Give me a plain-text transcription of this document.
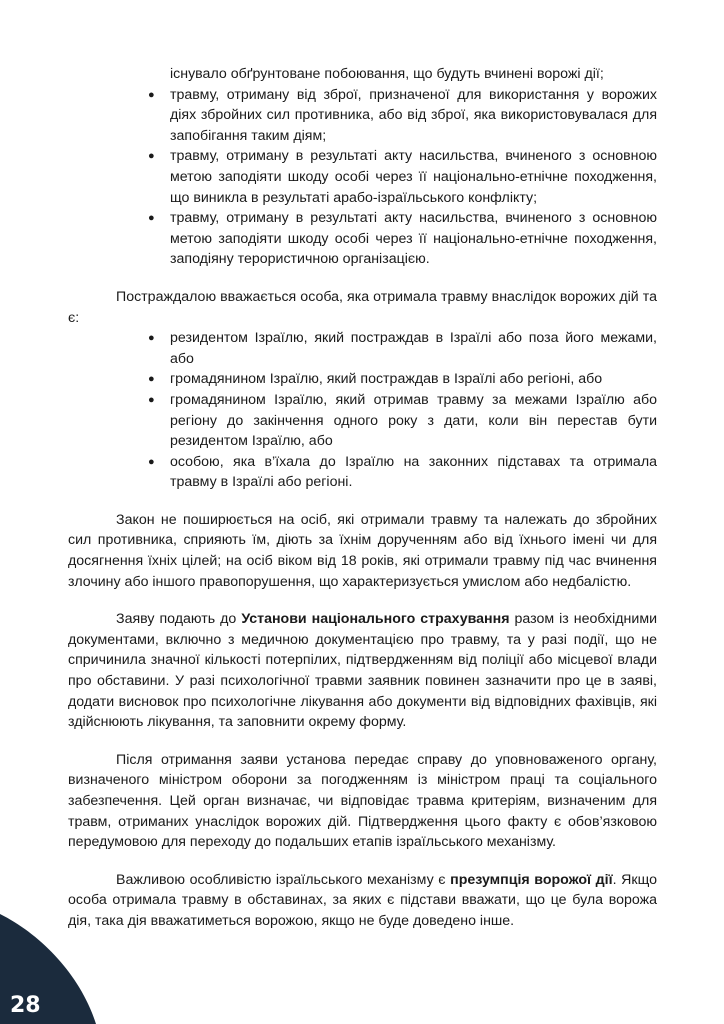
існувало обґрунтоване побоювання, що будуть вчинені ворожі дії;
● травму, отриману від зброї, призначеної для використання у ворожих діях збройних сил противника, або від зброї, яка використовувалася для запобігання таким діям;
● травму, отриману в результаті акту насильства, вчиненого з основною метою заподіяти шкоду особі через її національно-етнічне походження, що виникла в результаті арабо-ізраїльського конфлікту;
● травму, отриману в результаті акту насильства, вчиненого з основною метою заподіяти шкоду особі через її національно-етнічне походження, заподіяну терористичною організацією.

Постраждалою вважається особа, яка отримала травму внаслідок ворожих дій та є:

● резидентом Ізраїлю, який постраждав в Ізраїлі або поза його межами, або
● громадянином Ізраїлю, який постраждав в Ізраїлі або регіоні, або
● громадянином Ізраїлю, який отримав травму за межами Ізраїлю або регіону до закінчення одного року з дати, коли він перестав бути резидентом Ізраїлю, або
● особою, яка в’їхала до Ізраїлю на законних підставах та отримала травму в Ізраїлі або регіоні.

Закон не поширюється на осіб, які отримали травму та належать до збройних сил противника, сприяють їм, діють за їхнім дорученням або від їхнього імені чи для досягнення їхніх цілей; на осіб віком від 18 років, які отримали травму під час вчинення злочину або іншого правопорушення, що характеризується умислом або недбалістю.

Заяву подають до Установи національного страхування разом із необхідними документами, включно з медичною документацією про травму, та у разі події, що не спричинила значної кількості потерпілих, підтвердженням від поліції або місцевої влади про обставини. У разі психологічної травми заявник повинен зазначити про це в заяві, додати висновок про психологічне лікування або документи від відповідних фахівців, які здійснюють лікування, та заповнити окрему форму.

Після отримання заяви установа передає справу до уповноваженого органу, визначеного міністром оборони за погодженням із міністром праці та соціального забезпечення. Цей орган визначає, чи відповідає травма критеріям, визначеним для травм, отриманих унаслідок ворожих дій. Підтвердження цього факту є обов’язковою передумовою для переходу до подальших етапів ізраїльського механізму.

Важливою особливістю ізраїльського механізму є презумпція ворожої дії. Якщо особа отримала травму в обставинах, за яких є підстави вважати, що це була ворожа дія, така дія вважатиметься ворожою, якщо не буде доведено інше.

28
